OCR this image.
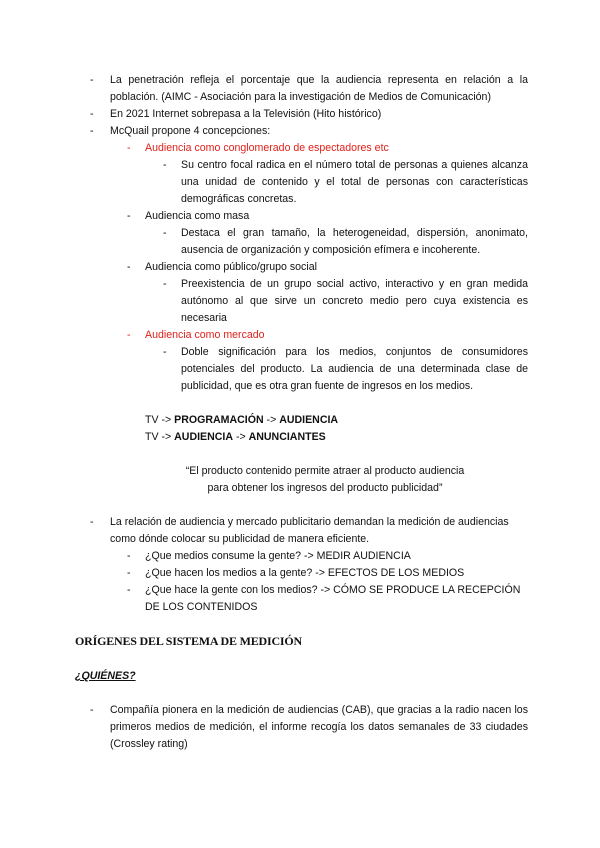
-	La penetración refleja el porcentaje que la audiencia representa en relación a la población. (AIMC - Asociación para la investigación de Medios de Comunicación)
-	En 2021 Internet sobrepasa a la Televisión (Hito histórico)
-	McQuail propone 4 concepciones:
-	Audiencia como conglomerado de espectadores etc
-	Su centro focal radica en el número total de personas a quienes alcanza una unidad de contenido y el total de personas con características demográficas concretas.
-	Audiencia como masa
-	Destaca el gran tamaño, la heterogeneidad, dispersión, anonimato, ausencia de organización y composición efímera e incoherente.
-	Audiencia como público/grupo social
-	Preexistencia de un grupo social activo, interactivo y en gran medida autónomo al que sirve un concreto medio pero cuya existencia es necesaria
-	Audiencia como mercado
-	Doble significación para los medios, conjuntos de consumidores potenciales del producto. La audiencia de una determinada clase de publicidad, que es otra gran fuente de ingresos en los medios.
TV -> PROGRAMACIÓN -> AUDIENCIA
TV -> AUDIENCIA -> ANUNCIANTES
“El producto contenido permite atraer al producto audiencia
para obtener los ingresos del producto publicidad”
-	La relación de audiencia y mercado publicitario demandan la medición de audiencias como dónde colocar su publicidad de manera eficiente.
-	¿Que medios consume la gente? -> MEDIR AUDIENCIA
-	¿Que hacen los medios a la gente? -> EFECTOS DE LOS MEDIOS
-	¿Que hace la gente con los medios? -> CÓMO SE PRODUCE LA RECEPCIÓN DE LOS CONTENIDOS
ORÍGENES DEL SISTEMA DE MEDICIÓN
¿QUIÉNES?
-	Compañía pionera en la medición de audiencias (CAB), que gracias a la radio nacen los primeros medios de medición, el informe recogía los datos semanales de 33 ciudades (Crossley rating)
